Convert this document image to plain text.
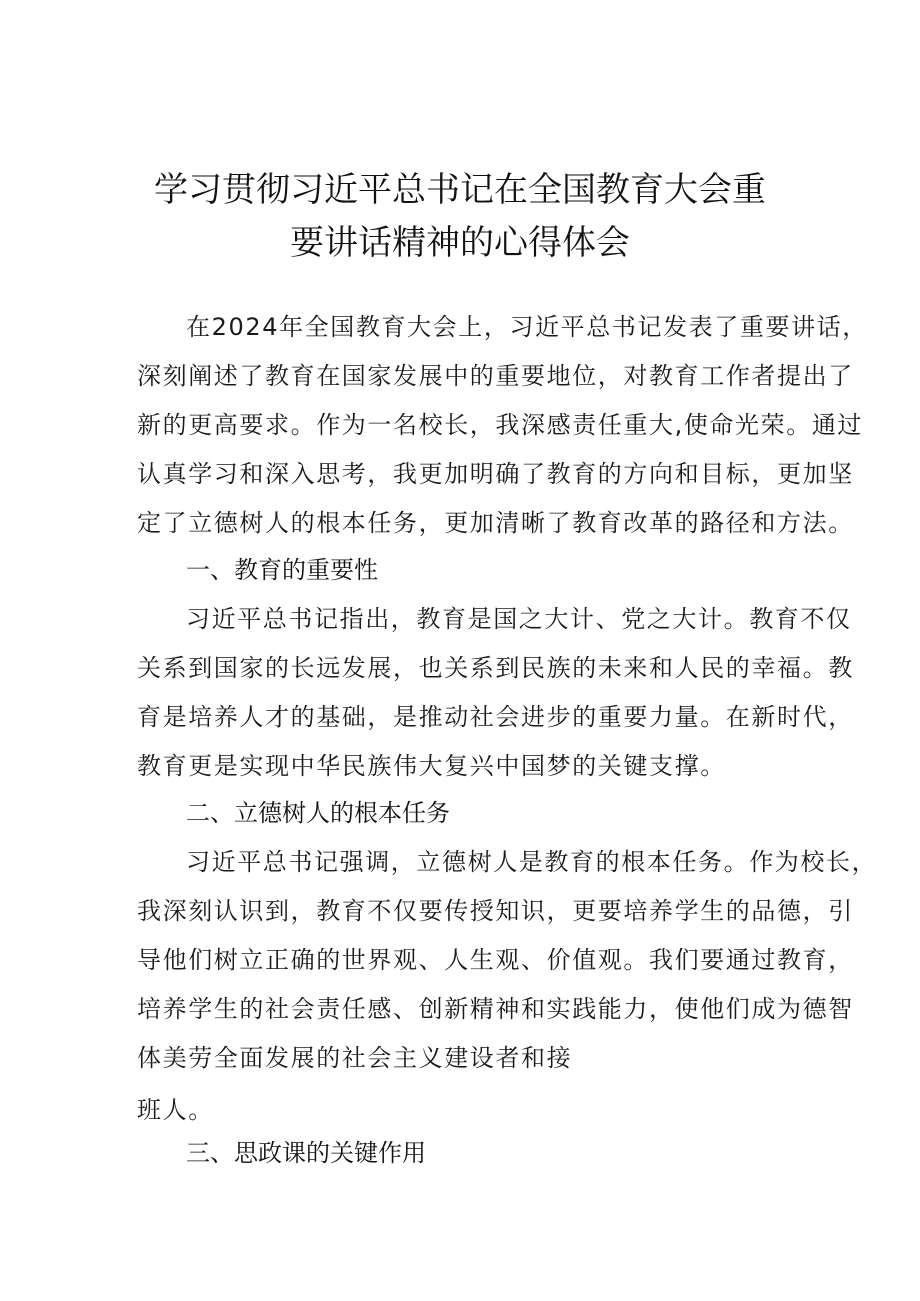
学习贯彻习近平总书记在全国教育大会重
要讲话精神的心得体会
在2024年全国教育大会上，习近平总书记发表了重要讲话，
深刻阐述了教育在国家发展中的重要地位，对教育工作者提出了
新的更高要求。作为一名校长，我深感责任重大,使命光荣。通过
认真学习和深入思考，我更加明确了教育的方向和目标，更加坚
定了立德树人的根本任务，更加清晰了教育改革的路径和方法。
一、教育的重要性
习近平总书记指出，教育是国之大计、党之大计。教育不仅
关系到国家的长远发展，也关系到民族的未来和人民的幸福。教
育是培养人才的基础，是推动社会进步的重要力量。在新时代，
教育更是实现中华民族伟大复兴中国梦的关键支撑。
二、立德树人的根本任务
习近平总书记强调，立德树人是教育的根本任务。作为校长，
我深刻认识到，教育不仅要传授知识，更要培养学生的品德，引
导他们树立正确的世界观、人生观、价值观。我们要通过教育，
培养学生的社会责任感、创新精神和实践能力，使他们成为德智
体美劳全面发展的社会主义建设者和接
班人。
三、思政课的关键作用
